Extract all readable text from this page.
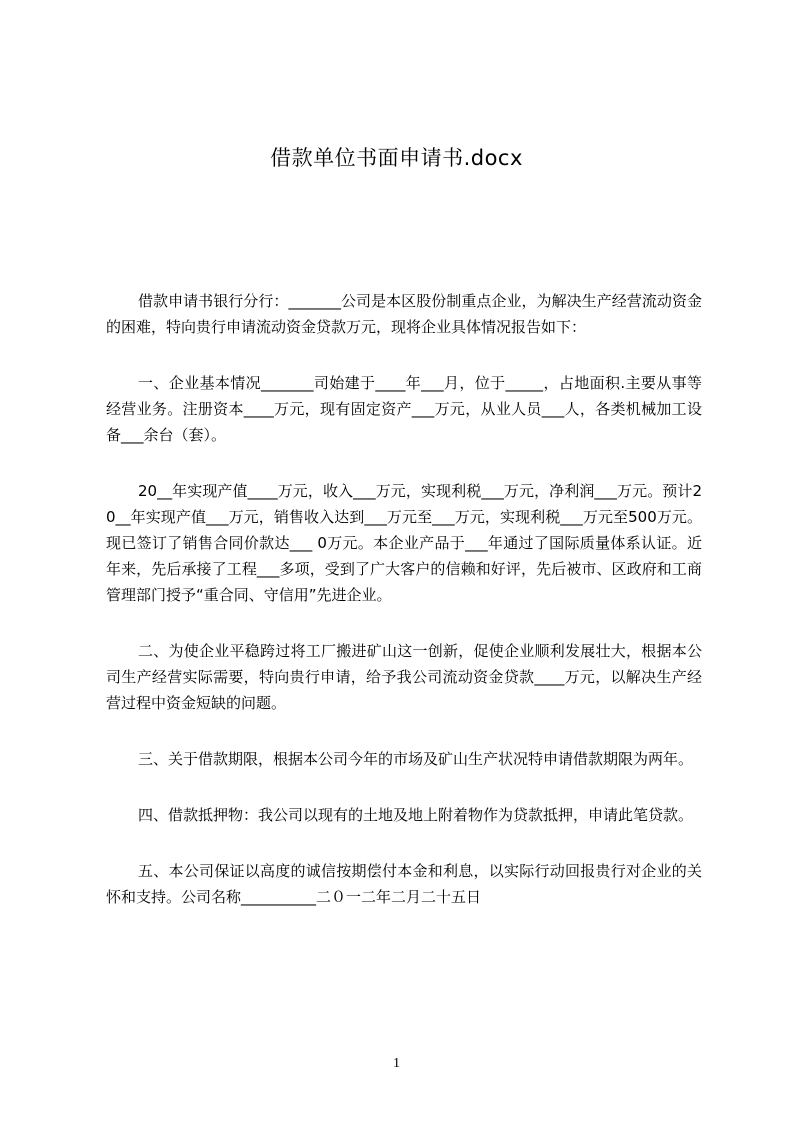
借款单位书面申请书.docx

借款申请书银行分行：_______公司是本区股份制重点企业，为解决生产经营流动资金的困难，特向贵行申请流动资金贷款万元，现将企业具体情况报告如下：

一、企业基本情况_______司始建于____年___月，位于_____，占地面积.主要从事等经营业务。注册资本____万元，现有固定资产___万元，从业人员___人，各类机械加工设备___余台（套）。

20__年实现产值____万元，收入___万元，实现利税___万元，净利润___万元。预计20__年实现产值___万元，销售收入达到___万元至___万元，实现利税___万元至500万元。现已签订了销售合同价款达___ 0万元。本企业产品于___年通过了国际质量体系认证。近年来，先后承接了工程___多项，受到了广大客户的信赖和好评，先后被市、区政府和工商管理部门授予“重合同、守信用”先进企业。

二、为使企业平稳跨过将工厂搬进矿山这一创新，促使企业顺利发展壮大，根据本公司生产经营实际需要，特向贵行申请，给予我公司流动资金贷款____万元，以解决生产经营过程中资金短缺的问题。

三、关于借款期限，根据本公司今年的市场及矿山生产状况特申请借款期限为两年。

四、借款抵押物：我公司以现有的土地及地上附着物作为贷款抵押，申请此笔贷款。

五、本公司保证以高度的诚信按期偿付本金和利息，以实际行动回报贵行对企业的关怀和支持。公司名称__________二０一二年二月二十五日

1
